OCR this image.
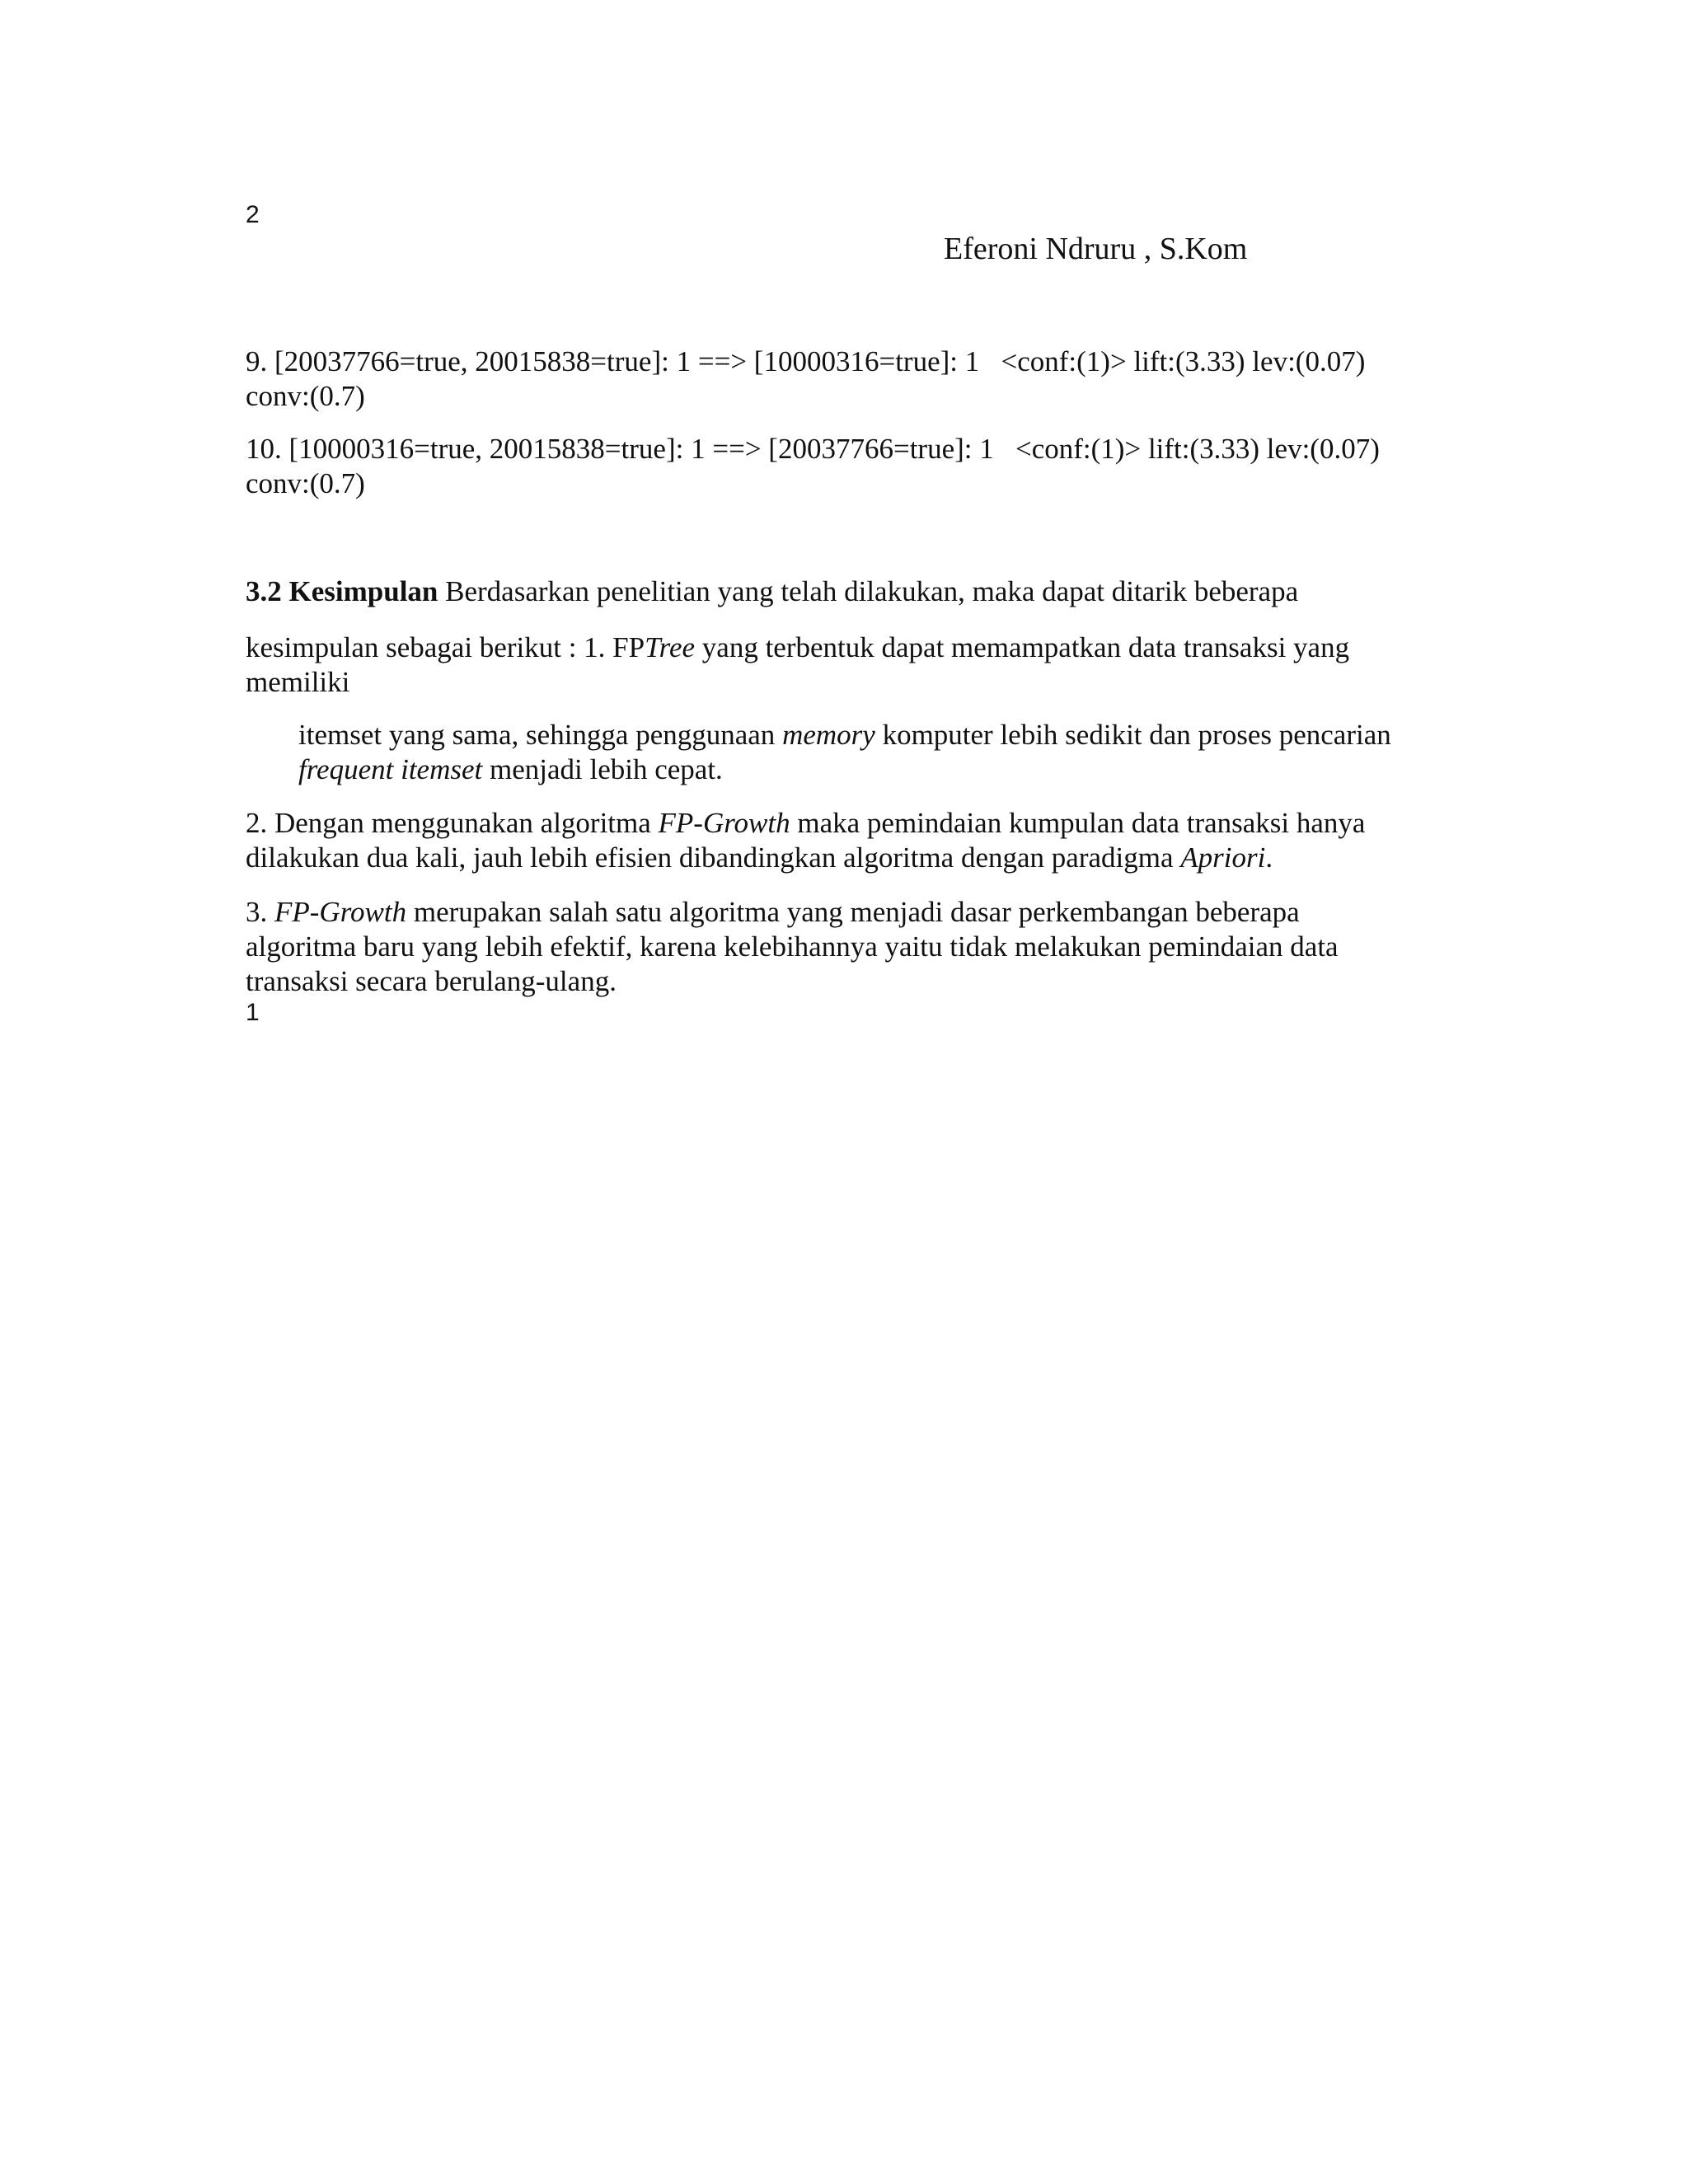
2
Eferoni Ndruru , S.Kom

9. [20037766=true, 20015838=true]: 1 ==> [10000316=true]: 1   <conf:(1)> lift:(3.33) lev:(0.07)

conv:(0.7)

10. [10000316=true, 20015838=true]: 1 ==> [20037766=true]: 1   <conf:(1)> lift:(3.33) lev:(0.07)

conv:(0.7)

3.2 Kesimpulan Berdasarkan penelitian yang telah dilakukan, maka dapat ditarik beberapa

kesimpulan sebagai berikut : 1. FPTree yang terbentuk dapat memampatkan data transaksi yang

memiliki

itemset yang sama, sehingga penggunaan memory komputer lebih sedikit dan proses pencarian

frequent itemset menjadi lebih cepat.

2. Dengan menggunakan algoritma FP-Growth maka pemindaian kumpulan data transaksi hanya

dilakukan dua kali, jauh lebih efisien dibandingkan algoritma dengan paradigma Apriori.

3. FP-Growth merupakan salah satu algoritma yang menjadi dasar perkembangan beberapa

algoritma baru yang lebih efektif, karena kelebihannya yaitu tidak melakukan pemindaian data

transaksi secara berulang-ulang.

1
